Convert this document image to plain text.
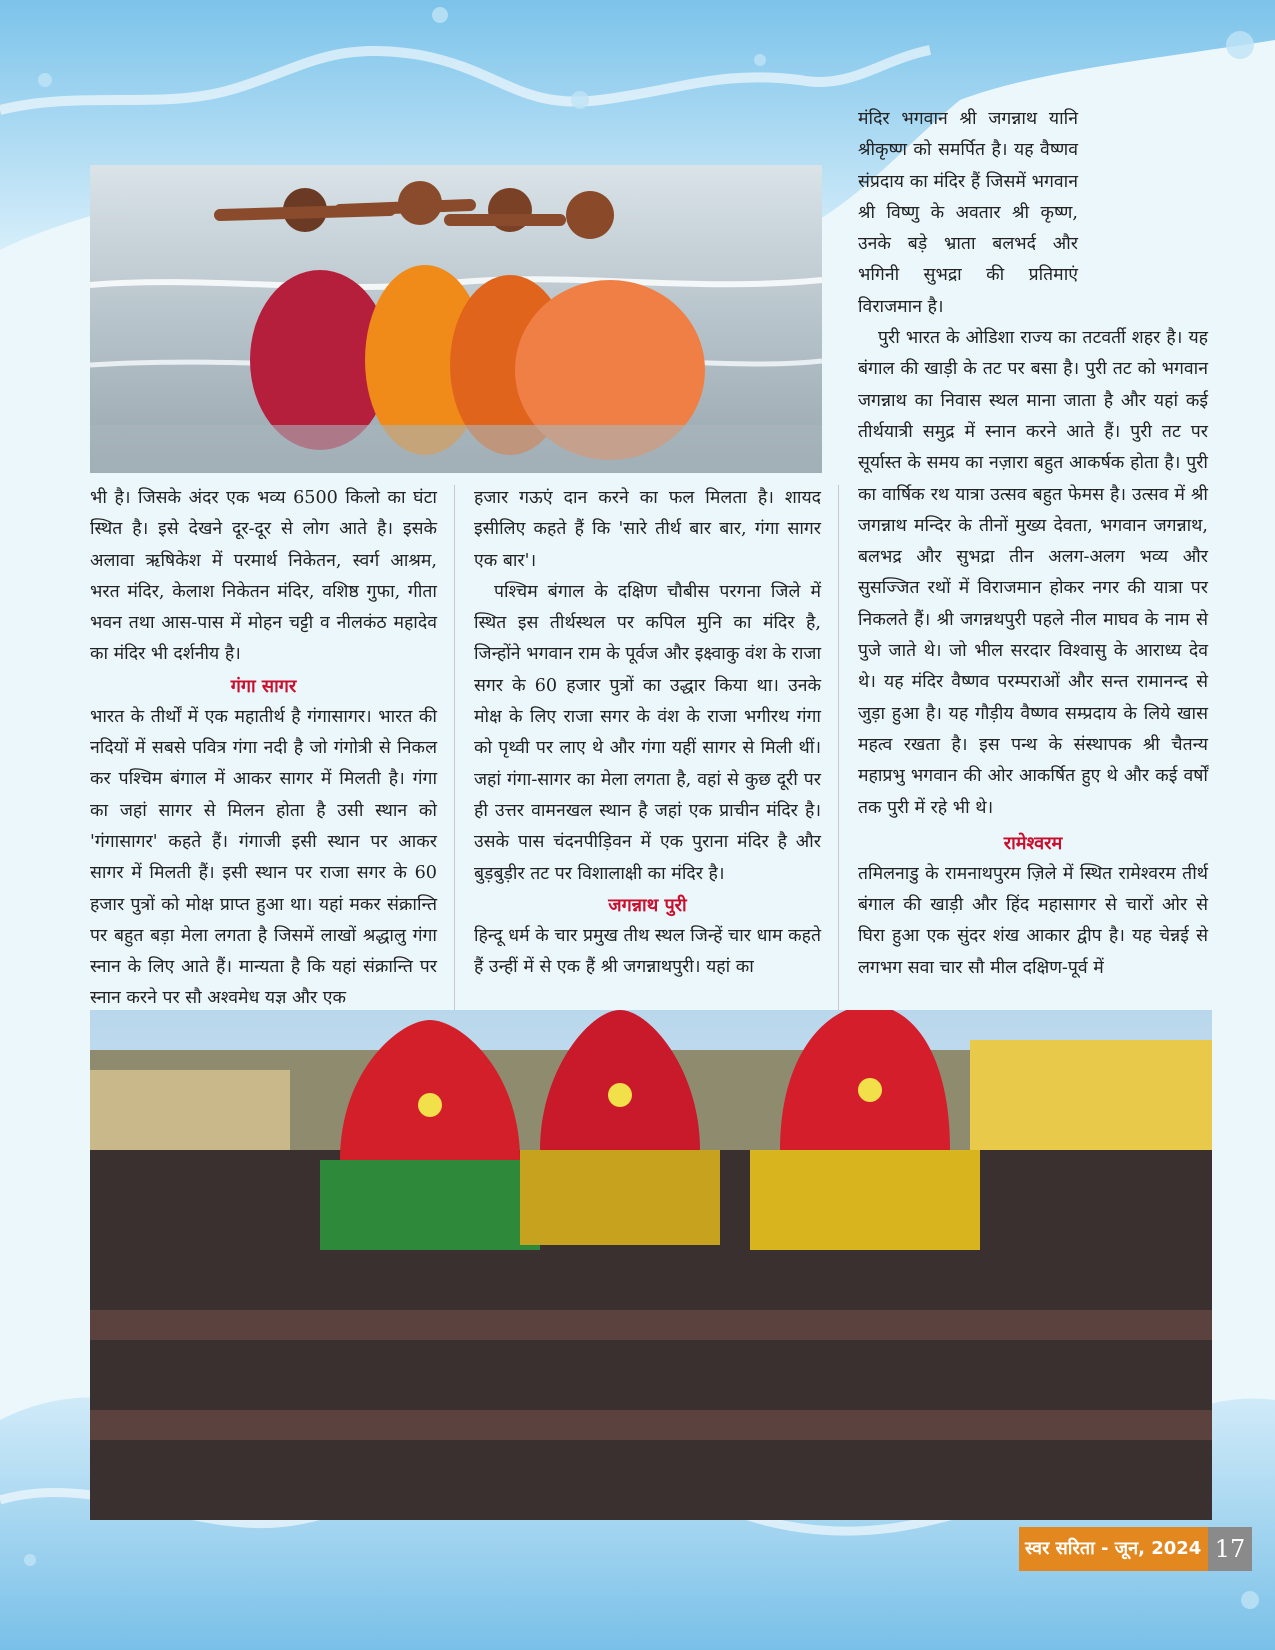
मंदिर भगवान श्री जगन्नाथ यानि श्रीकृष्ण को समर्पित है। यह वैष्णव संप्रदाय का मंदिर हैं जिसमें भगवान श्री विष्णु के अवतार श्री कृष्ण, उनके बड़े भ्राता बलभर्द और भगिनी सुभद्रा की प्रतिमाएं विराजमान है।

पुरी भारत के ओडिशा राज्य का तटवर्ती शहर है। यह बंगाल की खाड़ी के तट पर बसा है। पुरी तट को भगवान जगन्नाथ का निवास स्थल माना जाता है और यहां कई तीर्थयात्री समुद्र में स्नान करने आते हैं। पुरी तट पर सूर्यास्त के समय का नज़ारा बहुत आकर्षक होता है। पुरी का वार्षिक रथ यात्रा उत्सव बहुत फेमस है। उत्सव में श्री जगन्नाथ मन्दिर के तीनों मुख्य देवता, भगवान जगन्नाथ, बलभद्र और सुभद्रा तीन अलग-अलग भव्य और सुसज्जित रथों में विराजमान होकर नगर की यात्रा पर निकलते हैं। श्री जगन्नथपुरी पहले नील माघव के नाम से पुजे जाते थे। जो भील सरदार विश्वासु के आराध्य देव थे। यह मंदिर वैष्णव परम्पराओं और सन्त रामानन्द से जुड़ा हुआ है। यह गौड़ीय वैष्णव सम्प्रदाय के लिये खास महत्व रखता है। इस पन्थ के संस्थापक श्री चैतन्य महाप्रभु भगवान की ओर आकर्षित हुए थे और कई वर्षों तक पुरी में रहे भी थे।

रामेश्वरम

तमिलनाडु के रामनाथपुरम ज़िले में स्थित रामेश्वरम तीर्थ बंगाल की खाड़ी और हिंद महासागर से चारों ओर से घिरा हुआ एक सुंदर शंख आकार द्वीप है। यह चेन्नई से लगभग सवा चार सौ मील दक्षिण-पूर्व में

भी है। जिसके अंदर एक भव्य 6500 किलो का घंटा स्थित है। इसे देखने दूर-दूर से लोग आते है। इसके अलावा ऋषिकेश में परमार्थ निकेतन, स्वर्ग आश्रम, भरत मंदिर, केलाश निकेतन मंदिर, वशिष्ठ गुफा, गीता भवन तथा आस-पास में मोहन चट्टी व नीलकंठ महादेव का मंदिर भी दर्शनीय है।

गंगा सागर

भारत के तीर्थों में एक महातीर्थ है गंगासागर। भारत की नदियों में सबसे पवित्र गंगा नदी है जो गंगोत्री से निकल कर पश्चिम बंगाल में आकर सागर में मिलती है। गंगा का जहां सागर से मिलन होता है उसी स्थान को 'गंगासागर' कहते हैं। गंगाजी इसी स्थान पर आकर सागर में मिलती हैं। इसी स्थान पर राजा सगर के 60 हजार पुत्रों को मोक्ष प्राप्त हुआ था। यहां मकर संक्रान्ति पर बहुत बड़ा मेला लगता है जिसमें लाखों श्रद्धालु गंगा स्नान के लिए आते हैं। मान्यता है कि यहां संक्रान्ति पर स्नान करने पर सौ अश्वमेध यज्ञ और एक

हजार गऊएं दान करने का फल मिलता है। शायद इसीलिए कहते हैं कि 'सारे तीर्थ बार बार, गंगा सागर एक बार'।

पश्चिम बंगाल के दक्षिण चौबीस परगना जिले में स्थित इस तीर्थस्थल पर कपिल मुनि का मंदिर है, जिन्होंने भगवान राम के पूर्वज और इक्ष्वाकु वंश के राजा सगर के 60 हजार पुत्रों का उद्धार किया था। उनके मोक्ष के लिए राजा सगर के वंश के राजा भगीरथ गंगा को पृथ्वी पर लाए थे और गंगा यहीं सागर से मिली थीं। जहां गंगा-सागर का मेला लगता है, वहां से कुछ दूरी पर ही उत्तर वामनखल स्थान है जहां एक प्राचीन मंदिर है। उसके पास चंदनपीड़िवन में एक पुराना मंदिर है और बुड़बुड़ीर तट पर विशालाक्षी का मंदिर है।

जगन्नाथ पुरी

हिन्दू धर्म के चार प्रमुख तीथ स्थल जिन्हें चार धाम कहते हैं उन्हीं में से एक हैं श्री जगन्नाथपुरी। यहां का

स्वर सरिता - जून, 2024 17
